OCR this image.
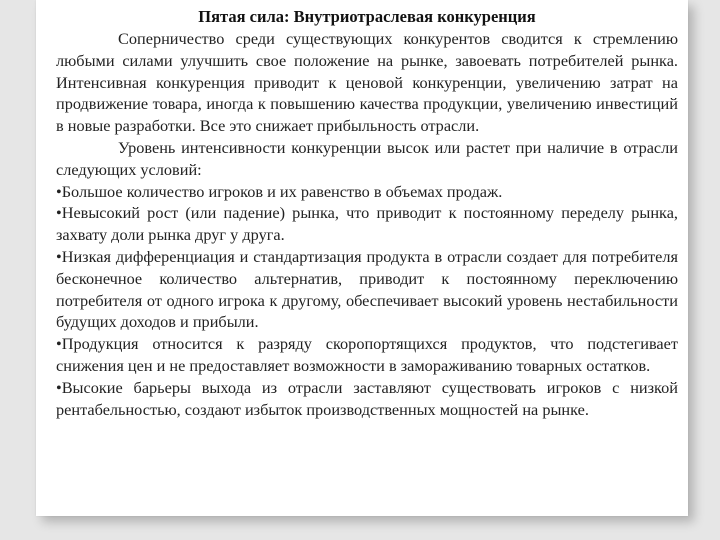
Пятая сила: Внутриотраслевая конкуренция

Соперничество среди существующих конкурентов сводится к стремлению любыми силами улучшить свое положение на рынке, завоевать потребителей рынка. Интенсивная конкуренция приводит к ценовой конкуренции, увеличению затрат на продвижение товара, иногда к повышению качества продукции, увеличению инвестиций в новые разработки. Все это снижает прибыльность отрасли.

Уровень интенсивности конкуренции высок или растет при наличие в отрасли следующих условий:

•Большое количество игроков и их равенство в объемах продаж.

•Невысокий рост (или падение) рынка, что приводит к постоянному переделу рынка, захвату доли рынка друг у друга.

•Низкая дифференциация и стандартизация продукта в отрасли создает для потребителя бесконечное количество альтернатив, приводит к постоянному переключению потребителя от одного игрока к другому, обеспечивает высокий уровень нестабильности будущих доходов и прибыли.

•Продукция относится к разряду скоропортящихся продуктов, что подстегивает снижения цен и не предоставляет возможности в замораживанию товарных остатков.

•Высокие барьеры выхода из отрасли заставляют существовать игроков с низкой рентабельностью, создают избыток производственных мощностей на рынке.
